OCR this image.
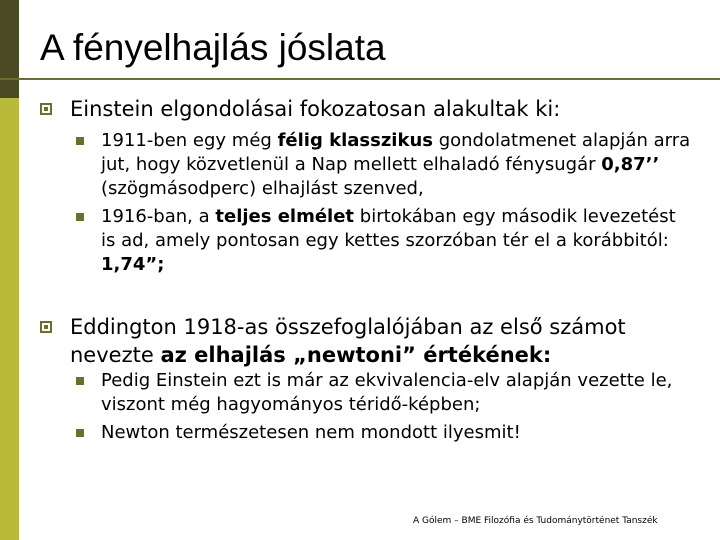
A fényelhajlás jóslata
Einstein elgondolásai fokozatosan alakultak ki:
1911-ben egy még félig klasszikus gondolatmenet alapján arra jut, hogy közvetlenül a Nap mellett elhaladó fénysugár 0,87’’ (szögmásodperc) elhajlást szenved,
1916-ban, a teljes elmélet birtokában egy második levezetést is ad, amely pontosan egy kettes szorzóban tér el a korábbitól: 1,74”;
Eddington 1918-as összefoglalójában az első számot nevezte az elhajlás „newtoni” értékének:
Pedig Einstein ezt is már az ekvivalencia-elv alapján vezette le, viszont még hagyományos téridő-képben;
Newton természetesen nem mondott ilyesmit!
A Gólem – BME Filozófia és Tudománytörténet Tanszék
